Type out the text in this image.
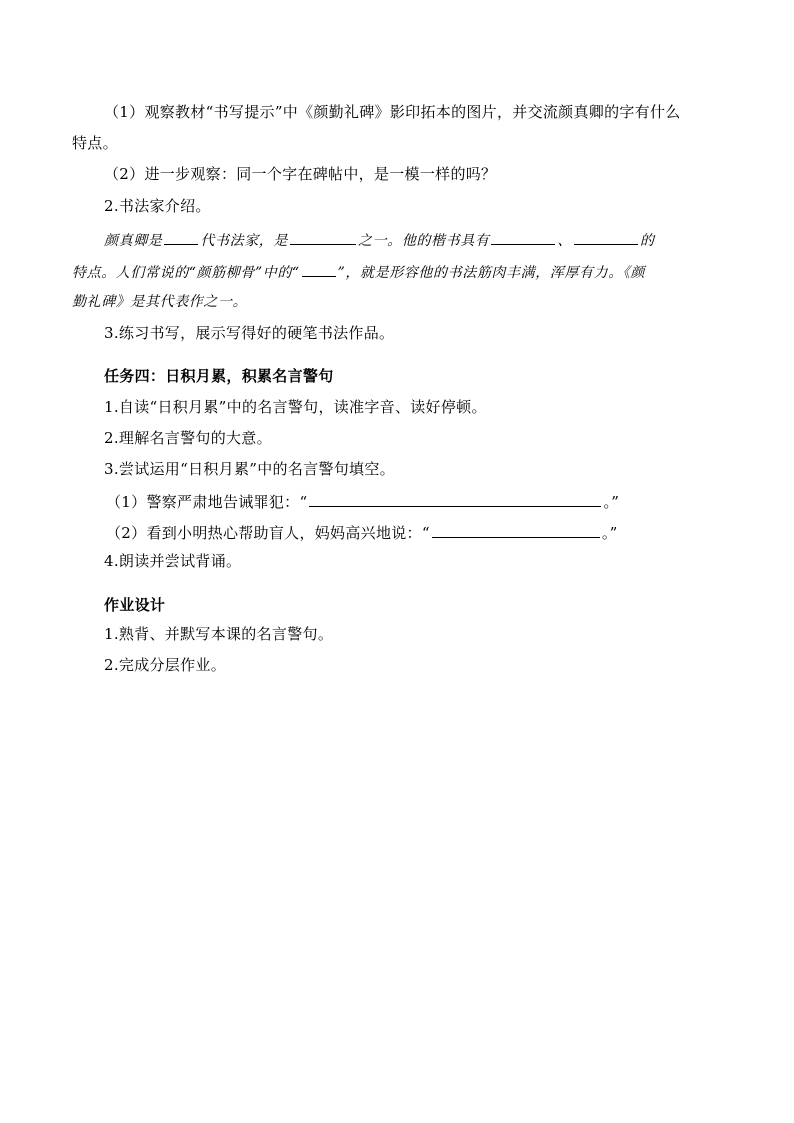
（1）观察教材“书写提示”中《颜勤礼碑》影印拓本的图片，并交流颜真卿的字有什么
特点。
（2）进一步观察：同一个字在碑帖中，是一模一样的吗？
2.书法家介绍。
颜真卿是	代书法家，是	之一。他的楷书具有	、	的
特点。人们常说的“颜筋柳骨”中的“	”，就是形容他的书法筋肉丰满，浑厚有力。《颜
勤礼碑》是其代表作之一。
3.练习书写，展示写得好的硬笔书法作品。
任务四：日积月累，积累名言警句
1.自读“日积月累”中的名言警句，读准字音、读好停顿。
2.理解名言警句的大意。
3.尝试运用“日积月累”中的名言警句填空。
（1）警察严肃地告诫罪犯：“	。”
（2）看到小明热心帮助盲人，妈妈高兴地说：“	。”
4.朗读并尝试背诵。
作业设计
1.熟背、并默写本课的名言警句。
2.完成分层作业。
